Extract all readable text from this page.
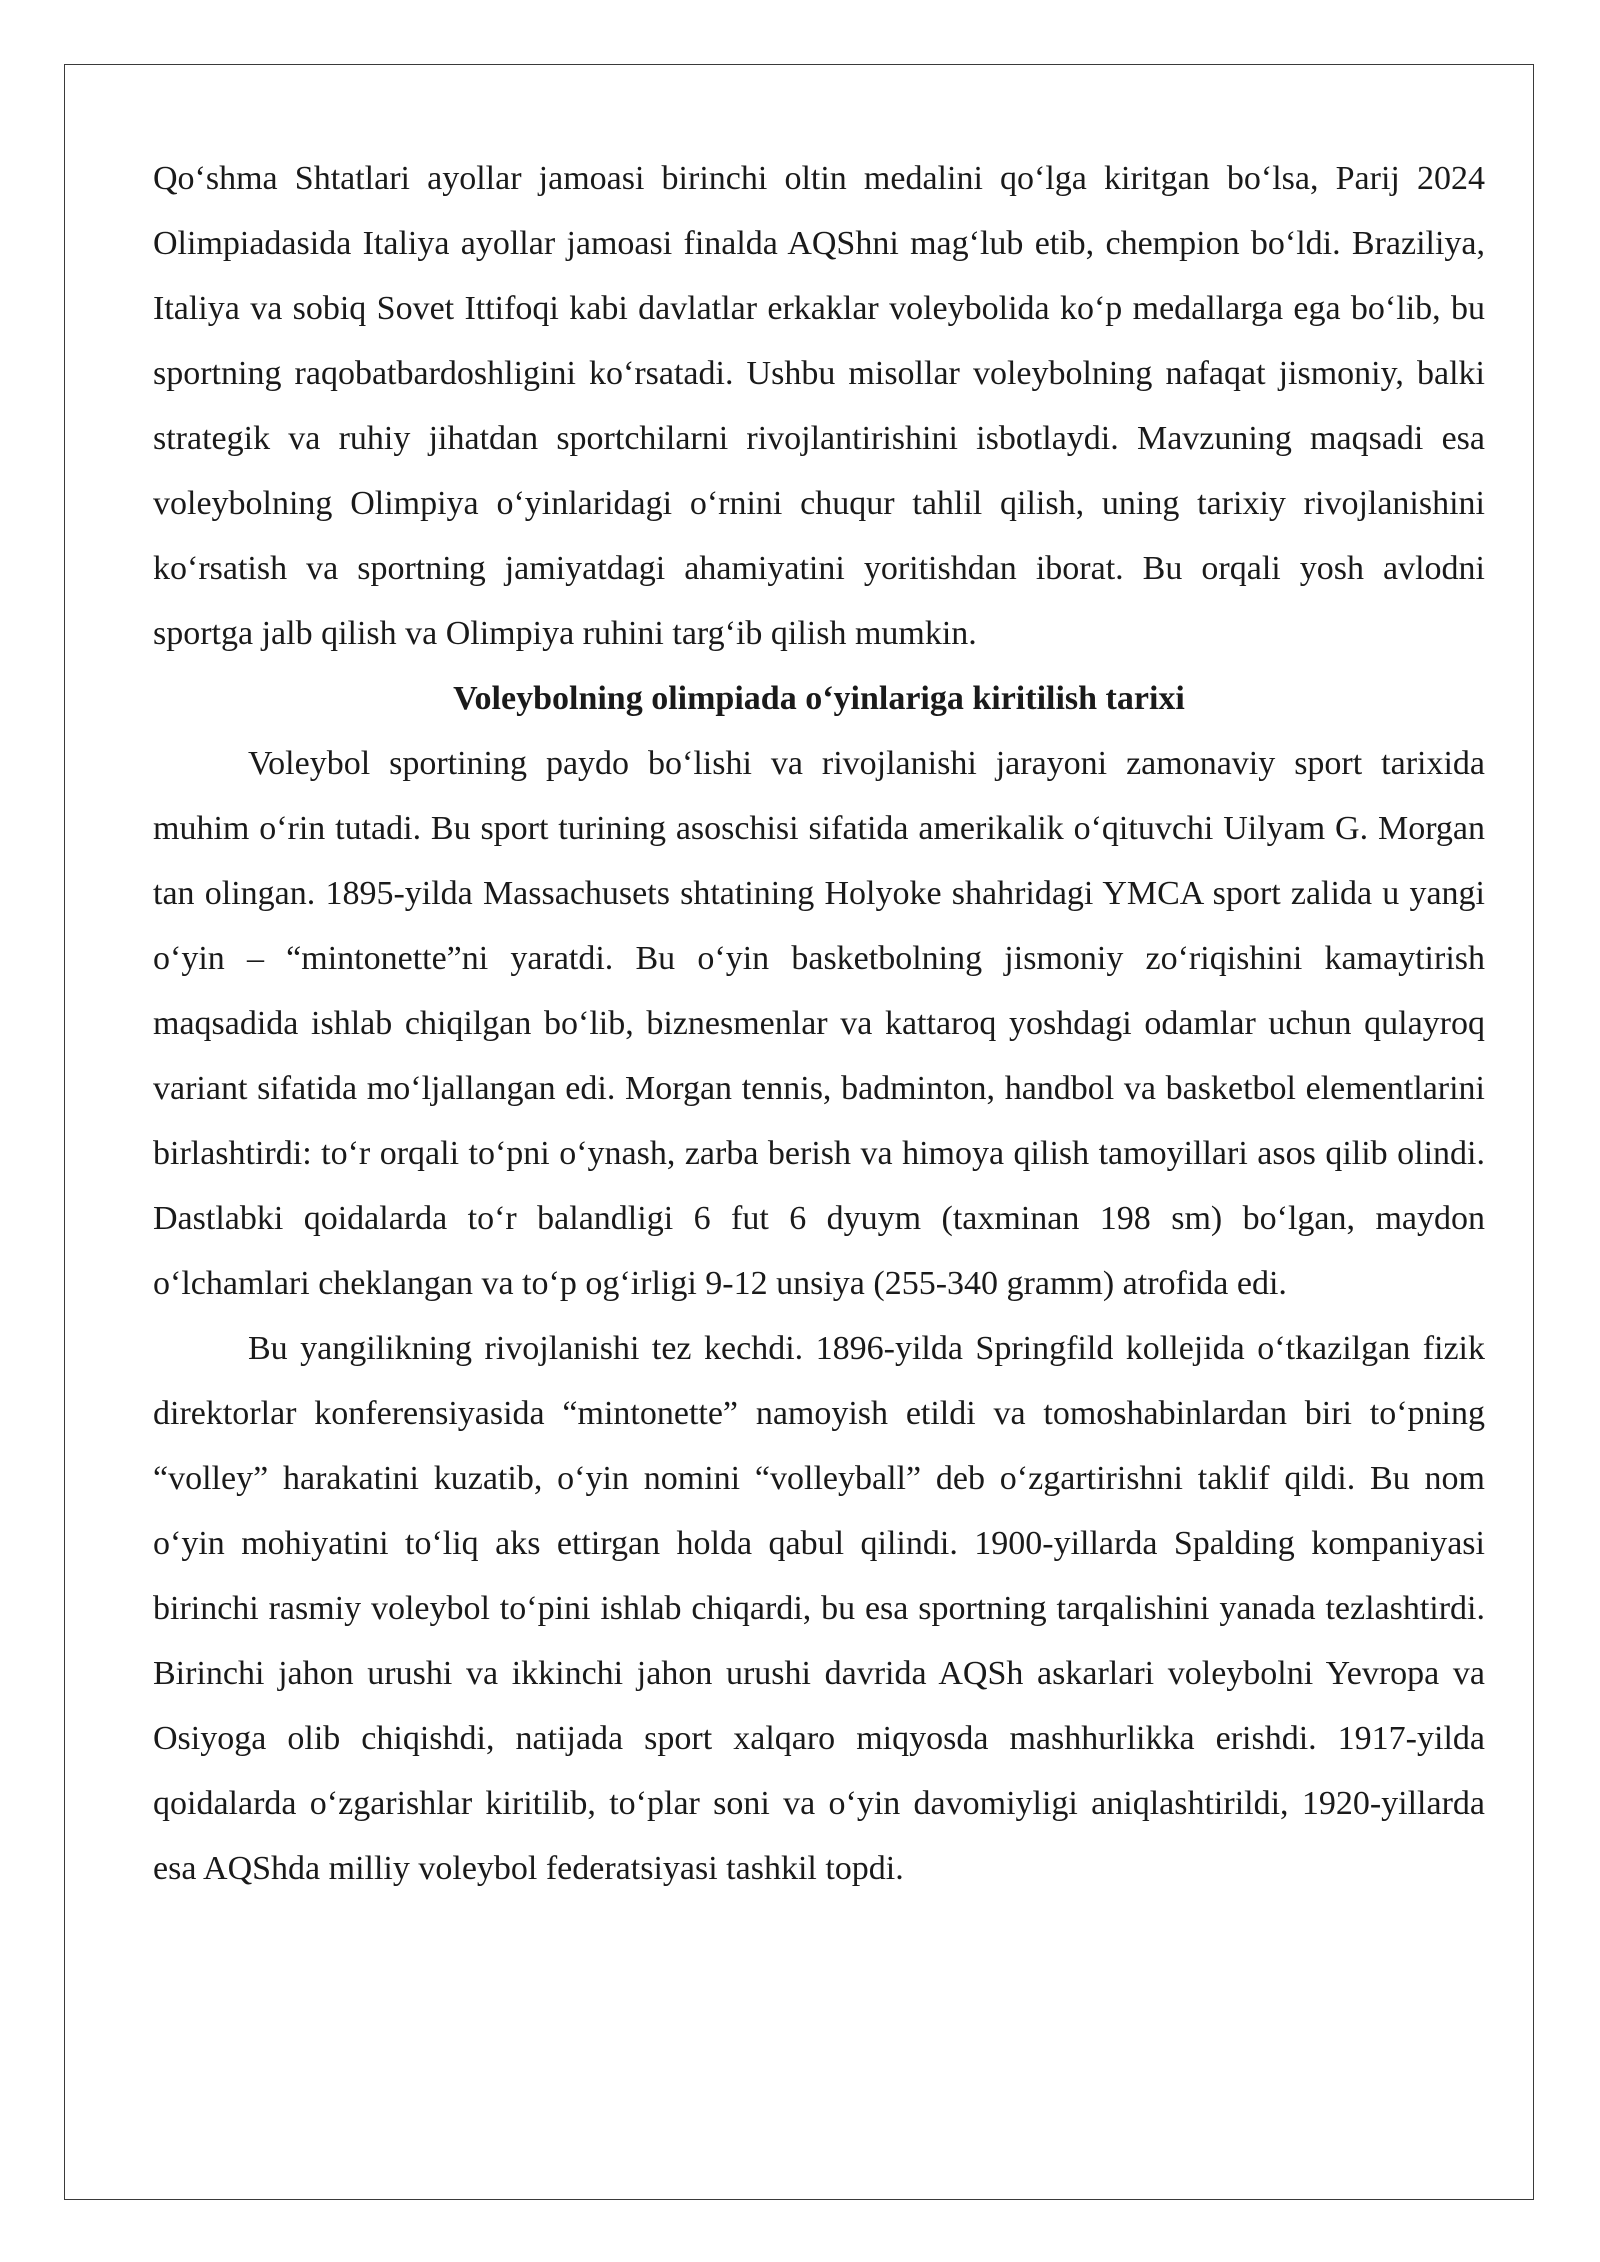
Qo‘shma Shtatlari ayollar jamoasi birinchi oltin medalini qo‘lga kiritgan bo‘lsa, Parij 2024 Olimpiadasida Italiya ayollar jamoasi finalda AQShni mag‘lub etib, chempion bo‘ldi. Braziliya, Italiya va sobiq Sovet Ittifoqi kabi davlatlar erkaklar voleybolida ko‘p medallarga ega bo‘lib, bu sportning raqobatbardoshligini ko‘rsatadi. Ushbu misollar voleybolning nafaqat jismoniy, balki strategik va ruhiy jihatdan sportchilarni rivojlantirishini isbotlaydi. Mavzuning maqsadi esa voleybolning Olimpiya o‘yinlaridagi o‘rnini chuqur tahlil qilish, uning tarixiy rivojlanishini ko‘rsatish va sportning jamiyatdagi ahamiyatini yoritishdan iborat. Bu orqali yosh avlodni sportga jalb qilish va Olimpiya ruhini targ‘ib qilish mumkin.

Voleybolning olimpiada o‘yinlariga kiritilish tarixi

Voleybol sportining paydo bo‘lishi va rivojlanishi jarayoni zamonaviy sport tarixida muhim o‘rin tutadi. Bu sport turining asoschisi sifatida amerikalik o‘qituvchi Uilyam G. Morgan tan olingan. 1895-yilda Massachusets shtatining Holyoke shahridagi YMCA sport zalida u yangi o‘yin – “mintonette”ni yaratdi. Bu o‘yin basketbolning jismoniy zo‘riqishini kamaytirish maqsadida ishlab chiqilgan bo‘lib, biznesmenlar va kattaroq yoshdagi odamlar uchun qulayroq variant sifatida mo‘ljallangan edi. Morgan tennis, badminton, handbol va basketbol elementlarini birlashtirdi: to‘r orqali to‘pni o‘ynash, zarba berish va himoya qilish tamoyillari asos qilib olindi. Dastlabki qoidalarda to‘r balandligi 6 fut 6 dyuym (taxminan 198 sm) bo‘lgan, maydon o‘lchamlari cheklangan va to‘p og‘irligi 9-12 unsiya (255-340 gramm) atrofida edi.

Bu yangilikning rivojlanishi tez kechdi. 1896-yilda Springfild kollejida o‘tkazilgan fizik direktorlar konferensiyasida “mintonette” namoyish etildi va tomoshabinlardan biri to‘pning “volley” harakatini kuzatib, o‘yin nomini “volleyball” deb o‘zgartirishni taklif qildi. Bu nom o‘yin mohiyatini to‘liq aks ettirgan holda qabul qilindi. 1900-yillarda Spalding kompaniyasi birinchi rasmiy voleybol to‘pini ishlab chiqardi, bu esa sportning tarqalishini yanada tezlashtirdi. Birinchi jahon urushi va ikkinchi jahon urushi davrida AQSh askarlari voleybolni Yevropa va Osiyoga olib chiqishdi, natijada sport xalqaro miqyosda mashhurlikka erishdi. 1917-yilda qoidalarda o‘zgarishlar kiritilib, to‘plar soni va o‘yin davomiyligi aniqlashtirildi, 1920-yillarda esa AQShda milliy voleybol federatsiyasi tashkil topdi.
